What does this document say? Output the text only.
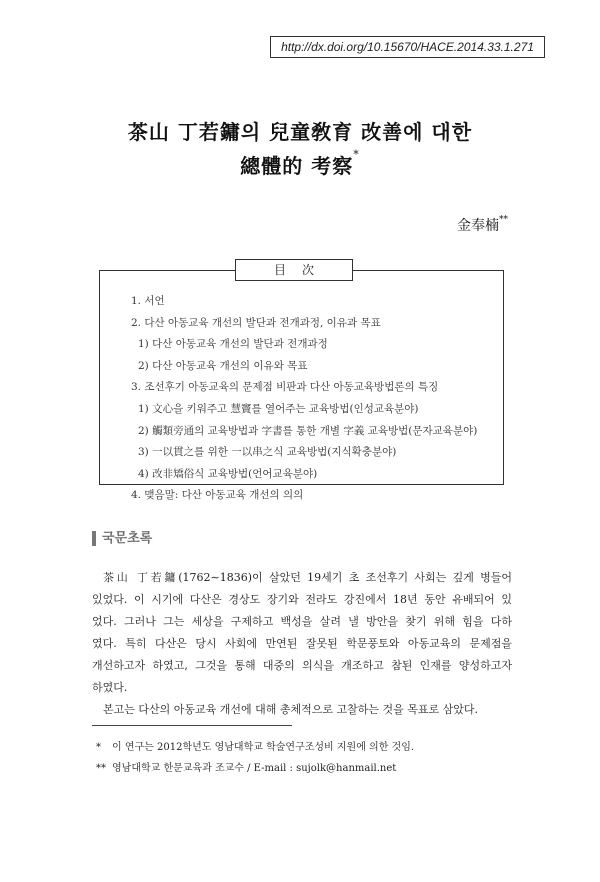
http://dx.doi.org/10.15670/HACE.2014.33.1.271
茶山 丁若鏞의 兒童敎育 改善에 대한
總體的 考察*
金奉楠**
目次
1. 서언
2. 다산 아동교육 개선의 발단과 전개과정, 이유과 목표
1) 다산 아동교육 개선의 발단과 전개과정
2) 다산 아동교육 개선의 이유와 목표
3. 조선후기 아동교육의 문제점 비판과 다산 아동교육방법론의 특징
1) 文心을 키워주고 慧竇를 열어주는 교육방법(인성교육분야)
2) 觸類旁通의 교육방법과 字書를 통한 개별 字義 교육방법(문자교육분야)
3) 一以貫之를 위한 一以串之식 교육방법(지식확충분야)
4) 改非矯俗식 교육방법(언어교육분야)
4. 맺음말: 다산 아동교육 개선의 의의
국문초록

茶山 丁若鏞(1762∼1836)이 살았던 19세기 초 조선후기 사회는 깊게 병들어

있었다. 이 시기에 다산은 경상도 장기와 전라도 강진에서 18년 동안 유배되어 있

었다. 그러나 그는 세상을 구제하고 백성을 살려 낼 방안을 찾기 위해 힘을 다하

였다. 특히 다산은 당시 사회에 만연된 잘못된 학문풍토와 아동교육의 문제점을

개선하고자 하였고, 그것을 통해 대중의 의식을 개조하고 참된 인재를 양성하고자

하였다.

본고는 다산의 아동교육 개선에 대해 총체적으로 고찰하는 것을 목표로 삼았다.

* 이 연구는 2012학년도 영남대학교 학술연구조성비 지원에 의한 것임.

** 영남대학교 한문교육과 조교수 / E-mail : sujolk@hanmail.net
